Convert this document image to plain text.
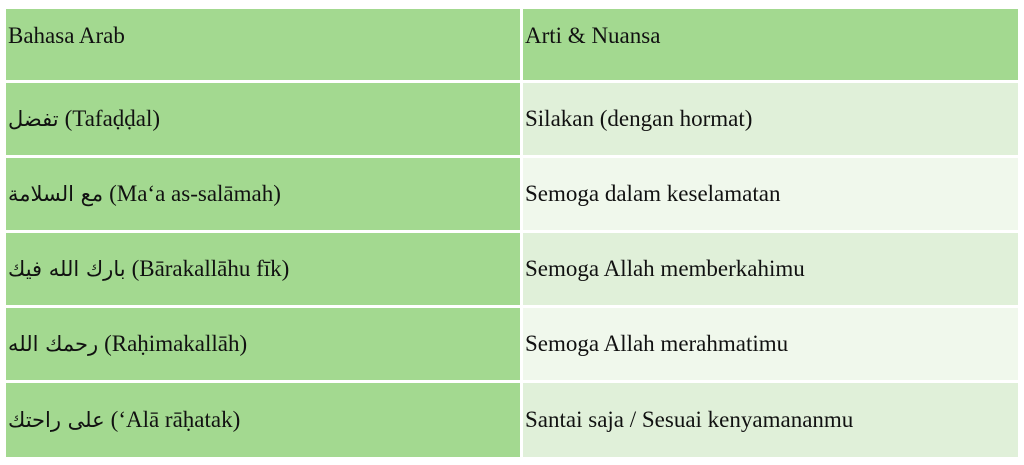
Bahasa Arab	Arti & Nuansa
تفضل (Tafaḍḍal)	Silakan (dengan hormat)
مع السلامة (Ma‘a as-salāmah)	Semoga dalam keselamatan
بارك الله فيك (Bārakallāhu fīk)	Semoga Allah memberkahimu
رحمك الله (Raḥimakallāh)	Semoga Allah merahmatimu
على راحتك (‘Alā rāḥatak)	Santai saja / Sesuai kenyamananmu
